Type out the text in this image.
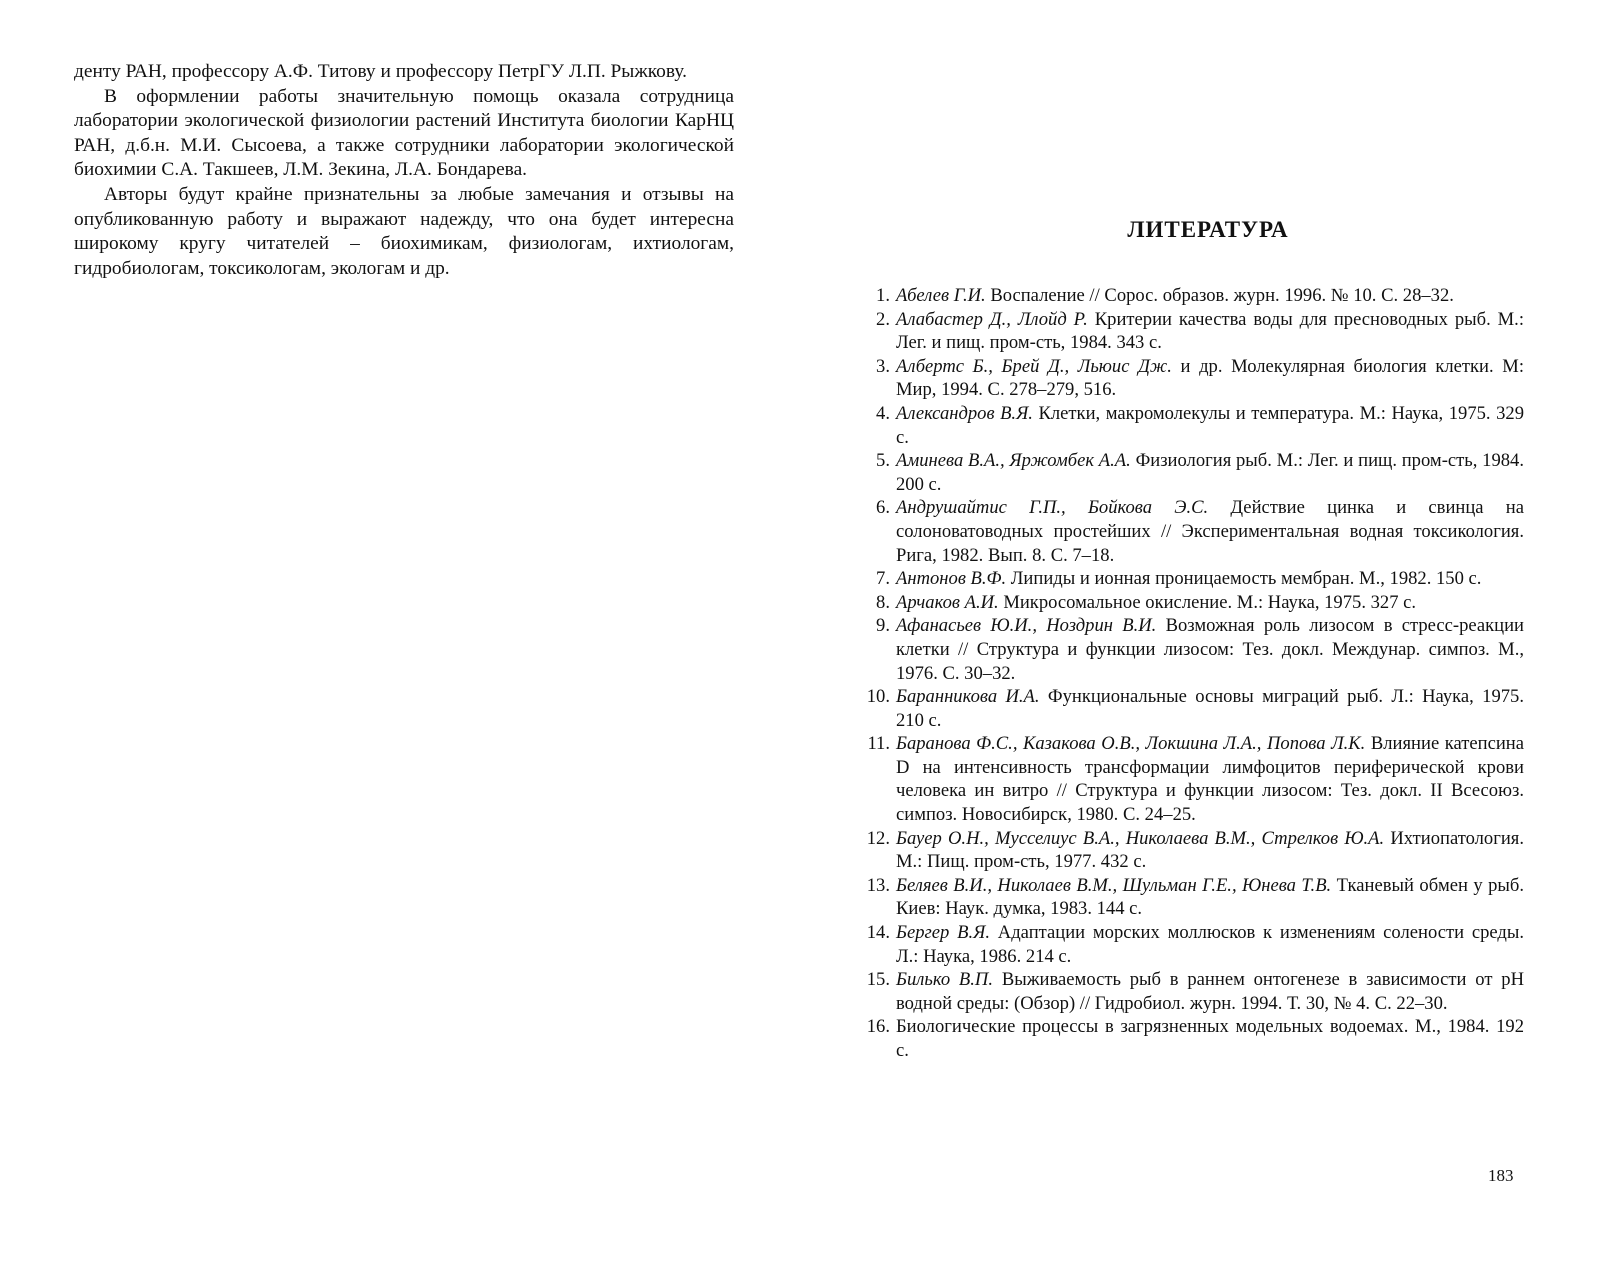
денту РАН, профессору А.Ф. Титову и профессору ПетрГУ Л.П. Рыжкову.

В оформлении работы значительную помощь оказала сотрудница лаборатории экологической физиологии растений Института биологии КарНЦ РАН, д.б.н. М.И. Сысоева, а также сотрудники лаборатории экологической биохимии С.А. Такшеев, Л.М. Зекина, Л.А. Бондарева.

Авторы будут крайне признательны за любые замечания и отзывы на опубликованную работу и выражают надежду, что она будет интересна широкому кругу читателей – биохимикам, физиологам, ихтиологам, гидробиологам, токсикологам, экологам и др.

ЛИТЕРАТУРА
1. Абелев Г.И. Воспаление // Сорос. образов. журн. 1996. № 10. С. 28–32.
2. Алабастер Д., Ллойд Р. Критерии качества воды для пресноводных рыб. М.: Лег. и пищ. пром-сть, 1984. 343 с.
3. Албертс Б., Брей Д., Льюис Дж. и др. Молекулярная биология клетки. М: Мир, 1994. С. 278–279, 516.
4. Александров В.Я. Клетки, макромолекулы и температура. М.: Наука, 1975. 329 с.
5. Аминева В.А., Яржомбек А.А. Физиология рыб. М.: Лег. и пищ. пром-сть, 1984. 200 с.
6. Андрушайтис Г.П., Бойкова Э.С. Действие цинка и свинца на солоноватоводных простейших // Экспериментальная водная токсикология. Рига, 1982. Вып. 8. С. 7–18.
7. Антонов В.Ф. Липиды и ионная проницаемость мембран. М., 1982. 150 с.
8. Арчаков А.И. Микросомальное окисление. М.: Наука, 1975. 327 с.
9. Афанасьев Ю.И., Ноздрин В.И. Возможная роль лизосом в стресс-реакции клетки // Структура и функции лизосом: Тез. докл. Междунар. симпоз. М., 1976. С. 30–32.
10. Баранникова И.А. Функциональные основы миграций рыб. Л.: Наука, 1975. 210 с.
11. Баранова Ф.С., Казакова О.В., Локшина Л.А., Попова Л.К. Влияние катепсина D на интенсивность трансформации лимфоцитов периферической крови человека ин витро // Структура и функции лизосом: Тез. докл. II Всесоюз. симпоз. Новосибирск, 1980. С. 24–25.
12. Бауер О.Н., Мусселиус В.А., Николаева В.М., Стрелков Ю.А. Ихтиопатология. М.: Пищ. пром-сть, 1977. 432 с.
13. Беляев В.И., Николаев В.М., Шульман Г.Е., Юнева Т.В. Тканевый обмен у рыб. Киев: Наук. думка, 1983. 144 с.
14. Бергер В.Я. Адаптации морских моллюсков к изменениям солености среды. Л.: Наука, 1986. 214 с.
15. Билько В.П. Выживаемость рыб в раннем онтогенезе в зависимости от pH водной среды: (Обзор) // Гидробиол. журн. 1994. Т. 30, № 4. С. 22–30.
16. Биологические процессы в загрязненных модельных водоемах. М., 1984. 192 с.
183
